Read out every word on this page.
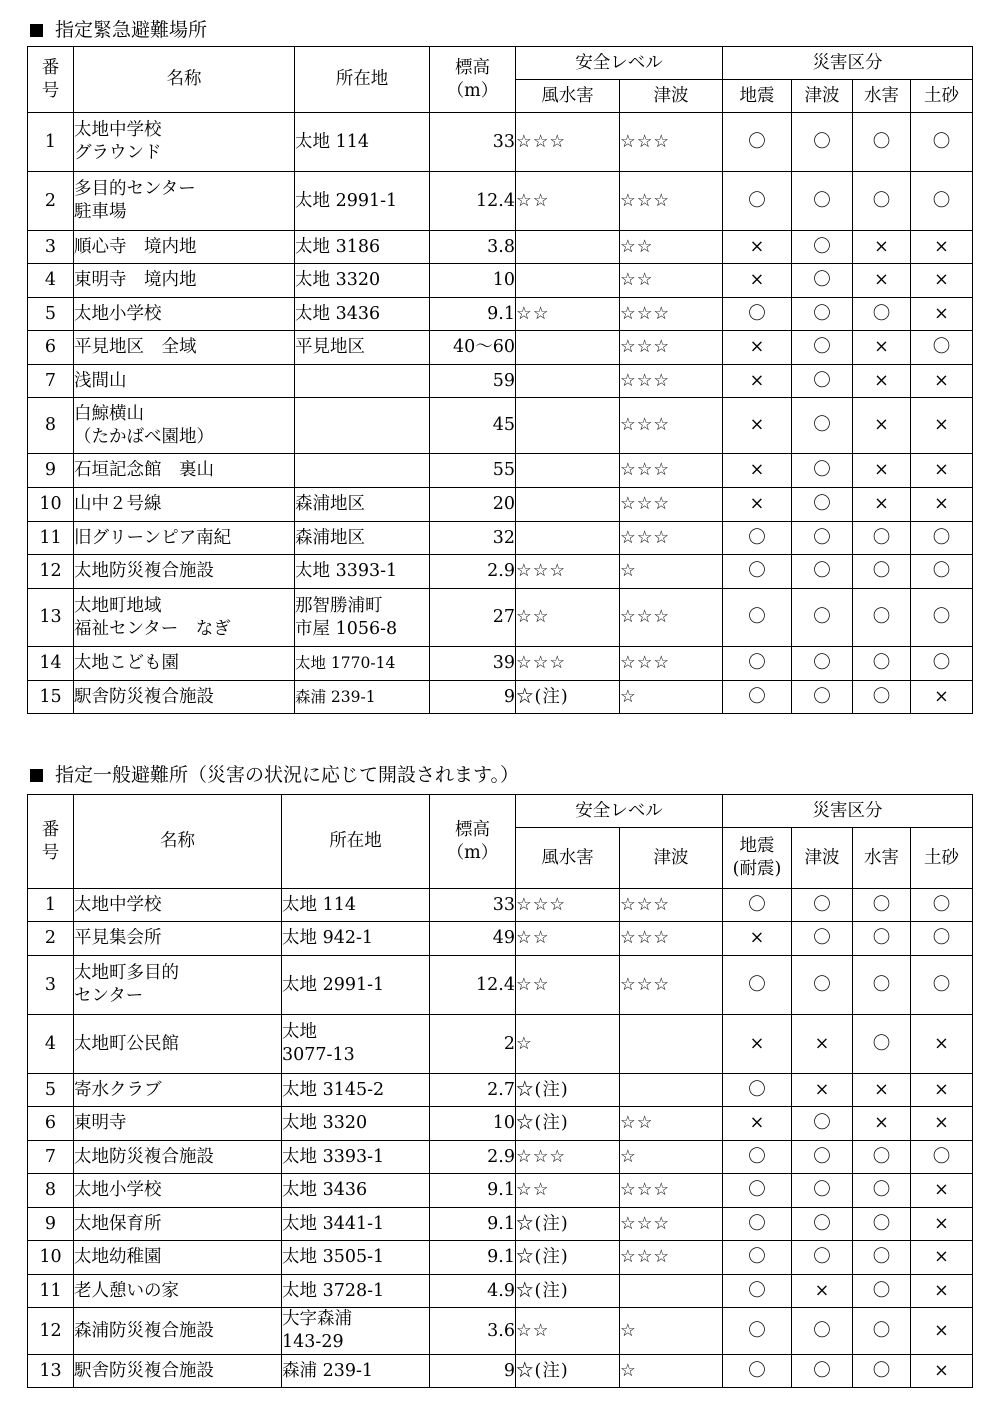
指定緊急避難場所
番
号	名称	所在地	標高
（m）	安全レベル		災害区分			
				風水害	津波	地震	津波	水害	土砂
1	太地中学校
グラウンド	太地 114	33	☆☆☆	☆☆☆	〇	〇	〇	〇
2	多目的センター
駐車場	太地 2991-1	12.4	☆☆	☆☆☆	〇	〇	〇	〇
3	順心寺　境内地	太地 3186	3.8		☆☆	×	〇	×	×
4	東明寺　境内地	太地 3320	10		☆☆	×	〇	×	×
5	太地小学校	太地 3436	9.1	☆☆	☆☆☆	〇	〇	〇	×
6	平見地区　全域	平見地区	40～60		☆☆☆	×	〇	×	〇
7	浅間山		59		☆☆☆	×	〇	×	×
8	白鯨横山
（たかばべ園地）		45		☆☆☆	×	〇	×	×
9	石垣記念館　裏山		55		☆☆☆	×	〇	×	×
10	山中２号線	森浦地区	20		☆☆☆	×	〇	×	×
11	旧グリーンピア南紀	森浦地区	32		☆☆☆	〇	〇	〇	〇
12	太地防災複合施設	太地 3393-1	2.9	☆☆☆	☆	〇	〇	〇	〇
13	太地町地域
福祉センター　なぎ	那智勝浦町
市屋 1056-8	27	☆☆	☆☆☆	〇	〇	〇	〇
14	太地こども園	太地 1770-14	39	☆☆☆	☆☆☆	〇	〇	〇	〇
15	駅舎防災複合施設	森浦 239-1	9	☆(注)	☆	〇	〇	〇	×
指定一般避難所（災害の状況に応じて開設されます。）
番
号	名称	所在地	標高
（m）	安全レベル		災害区分			
				風水害	津波	地震
(耐震)	津波	水害	土砂
1	太地中学校	太地 114	33	☆☆☆	☆☆☆	〇	〇	〇	〇
2	平見集会所	太地 942-1	49	☆☆	☆☆☆	×	〇	〇	〇
3	太地町多目的
センター	太地 2991-1	12.4	☆☆	☆☆☆	〇	〇	〇	〇
4	太地町公民館	太地
3077-13	2	☆		×	×	〇	×
5	寄水クラブ	太地 3145-2	2.7	☆(注)		〇	×	×	×
6	東明寺	太地 3320	10	☆(注)	☆☆	×	〇	×	×
7	太地防災複合施設	太地 3393-1	2.9	☆☆☆	☆	〇	〇	〇	〇
8	太地小学校	太地 3436	9.1	☆☆	☆☆☆	〇	〇	〇	×
9	太地保育所	太地 3441-1	9.1	☆(注)	☆☆☆	〇	〇	〇	×
10	太地幼稚園	太地 3505-1	9.1	☆(注)	☆☆☆	〇	〇	〇	×
11	老人憩いの家	太地 3728-1	4.9	☆(注)		〇	×	〇	×
12	森浦防災複合施設	大字森浦
143-29	3.6	☆☆	☆	〇	〇	〇	×
13	駅舎防災複合施設	森浦 239-1	9	☆(注)	☆	〇	〇	〇	×
